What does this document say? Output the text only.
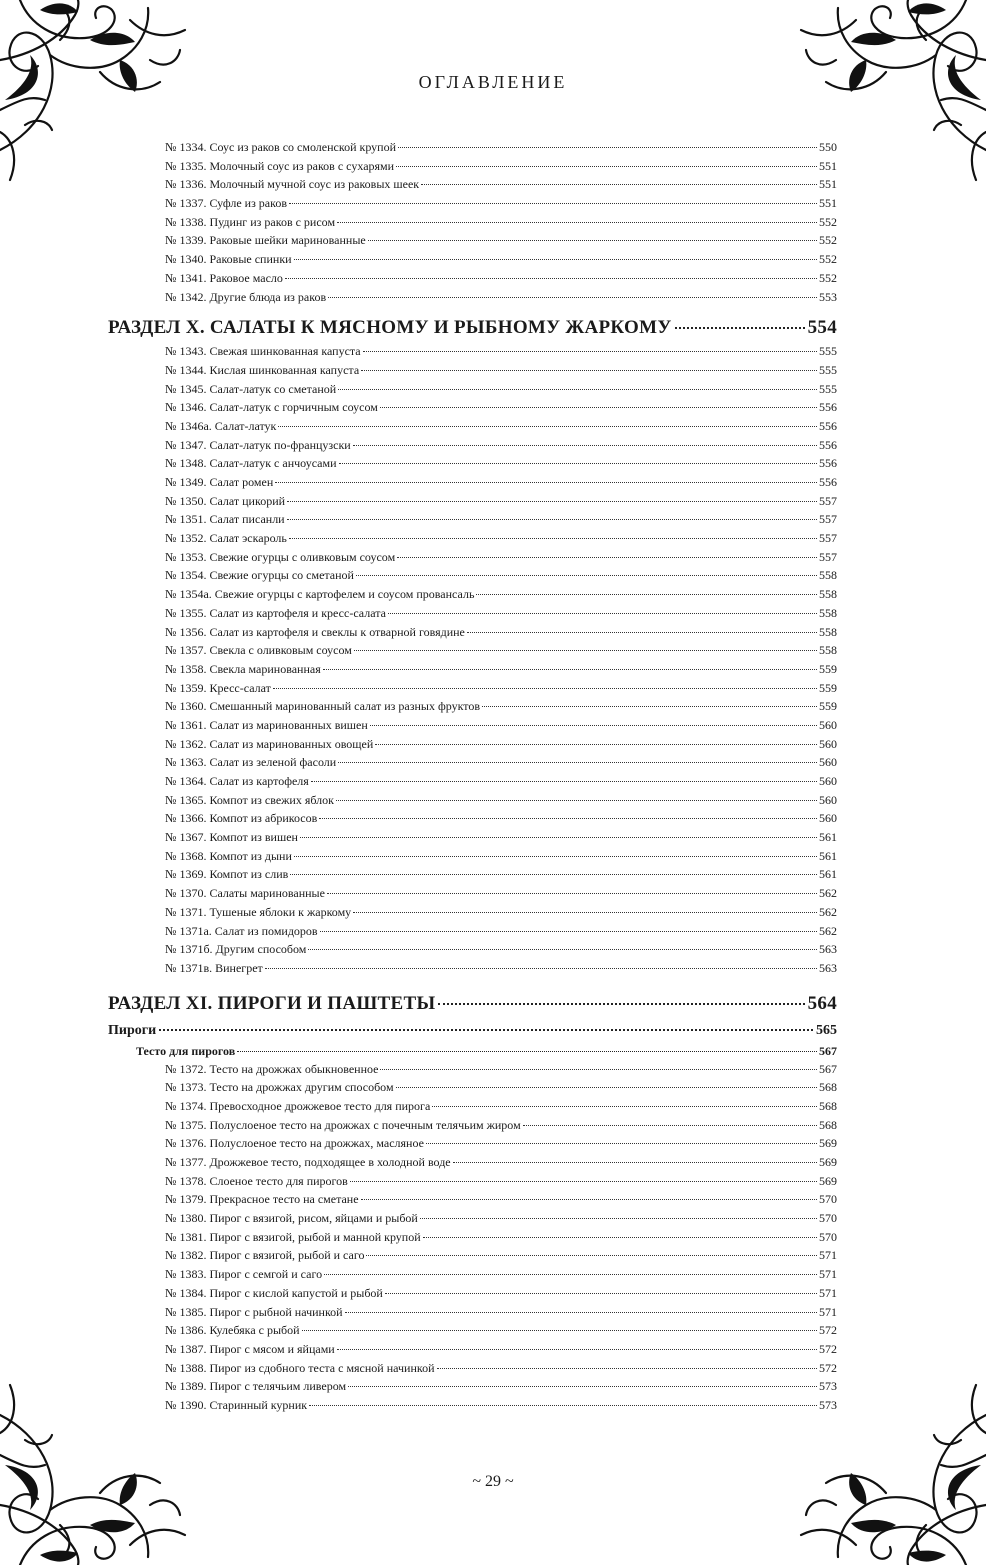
ОГЛАВЛЕНИЕ
№ 1334. Соус из раков со смоленской крупой	550
№ 1335. Молочный соус из раков с сухарями	551
№ 1336. Молочный мучной соус из раковых шеек	551
№ 1337. Суфле из раков	551
№ 1338. Пудинг из раков с рисом	552
№ 1339. Раковые шейки маринованные	552
№ 1340. Раковые спинки	552
№ 1341. Раковое масло	552
№ 1342. Другие блюда из раков	553
РАЗДЕЛ X. САЛАТЫ К МЯСНОМУ И РЫБНОМУ ЖАРКОМУ	554
№ 1343. Свежая шинкованная капуста	555
№ 1344. Кислая шинкованная капуста	555
№ 1345. Салат-латук со сметаной	555
№ 1346. Салат-латук с горчичным соусом	556
№ 1346а. Салат-латук	556
№ 1347. Салат-латук по-французски	556
№ 1348. Салат-латук с анчоусами	556
№ 1349. Салат ромен	556
№ 1350. Салат цикорий	557
№ 1351. Салат писанли	557
№ 1352. Салат эскароль	557
№ 1353. Свежие огурцы с оливковым соусом	557
№ 1354. Свежие огурцы со сметаной	558
№ 1354а. Свежие огурцы с картофелем и соусом провансаль	558
№ 1355. Салат из картофеля и кресс-салата	558
№ 1356. Салат из картофеля и свеклы к отварной говядине	558
№ 1357. Свекла с оливковым соусом	558
№ 1358. Свекла маринованная	559
№ 1359. Кресс-салат	559
№ 1360. Смешанный маринованный салат из разных фруктов	559
№ 1361. Салат из маринованных вишен	560
№ 1362. Салат из маринованных овощей	560
№ 1363. Салат из зеленой фасоли	560
№ 1364. Салат из картофеля	560
№ 1365. Компот из свежих яблок	560
№ 1366. Компот из абрикосов	560
№ 1367. Компот из вишен	561
№ 1368. Компот из дыни	561
№ 1369. Компот из слив	561
№ 1370. Салаты маринованные	562
№ 1371. Тушеные яблоки к жаркому	562
№ 1371а. Салат из помидоров	562
№ 1371б. Другим способом	563
№ 1371в. Винегрет	563
РАЗДЕЛ XI. ПИРОГИ И ПАШТЕТЫ	564
Пироги	565
Тесто для пирогов	567
№ 1372. Тесто на дрожжах обыкновенное	567
№ 1373. Тесто на дрожжах другим способом	568
№ 1374. Превосходное дрожжевое тесто для пирога	568
№ 1375. Полуслоеное тесто на дрожжах с почечным телячьим жиром	568
№ 1376. Полуслоеное тесто на дрожжах, масляное	569
№ 1377. Дрожжевое тесто, подходящее в холодной воде	569
№ 1378. Слоеное тесто для пирогов	569
№ 1379. Прекрасное тесто на сметане	570
№ 1380. Пирог с вязигой, рисом, яйцами и рыбой	570
№ 1381. Пирог с вязигой, рыбой и манной крупой	570
№ 1382. Пирог с вязигой, рыбой и саго	571
№ 1383. Пирог с семгой и саго	571
№ 1384. Пирог с кислой капустой и рыбой	571
№ 1385. Пирог с рыбной начинкой	571
№ 1386. Кулебяка с рыбой	572
№ 1387. Пирог с мясом и яйцами	572
№ 1388. Пирог из сдобного теста с мясной начинкой	572
№ 1389. Пирог с телячьим ливером	573
№ 1390. Старинный курник	573
~ 29 ~
